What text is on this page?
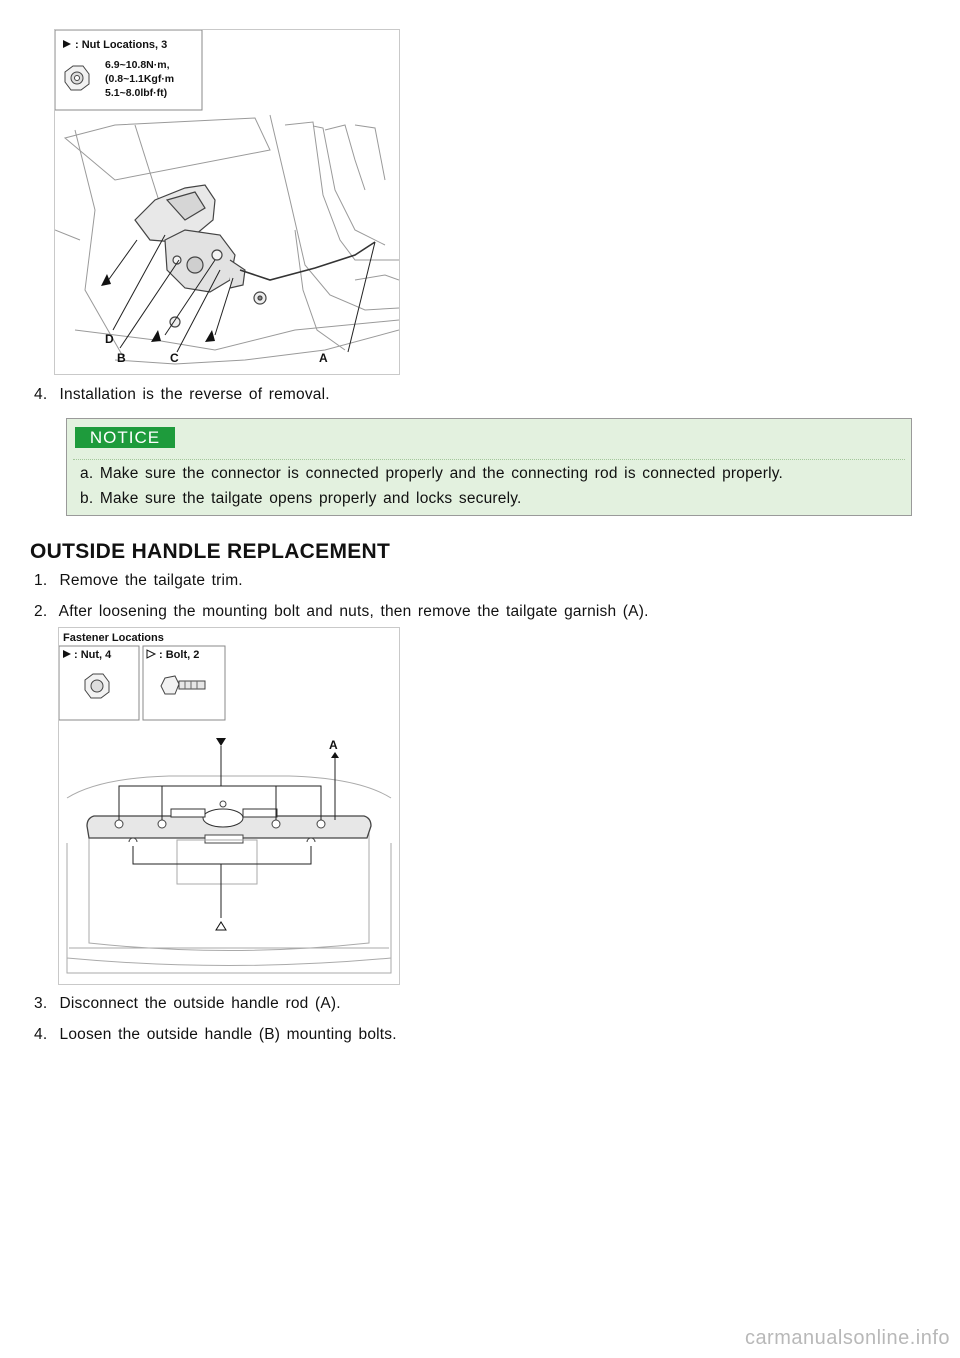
: Nut Locations, 3
6.9~10.8N·m,
(0.8~1.1Kgf·m
5.1~8.0lbf·ft)
D
B	C	A
4. Installation is the reverse of removal.
NOTICE
a. Make sure the connector is connected properly and the connecting rod is connected properly.
b. Make sure the tailgate opens properly and locks securely.
OUTSIDE HANDLE REPLACEMENT
1. Remove the tailgate trim.
2. After loosening the mounting bolt and nuts, then remove the tailgate garnish (A).
Fastener Locations
: Nut, 4	: Bolt, 2
A
3. Disconnect the outside handle rod (A).
4. Loosen the outside handle (B) mounting bolts.
carmanualsonline.info
